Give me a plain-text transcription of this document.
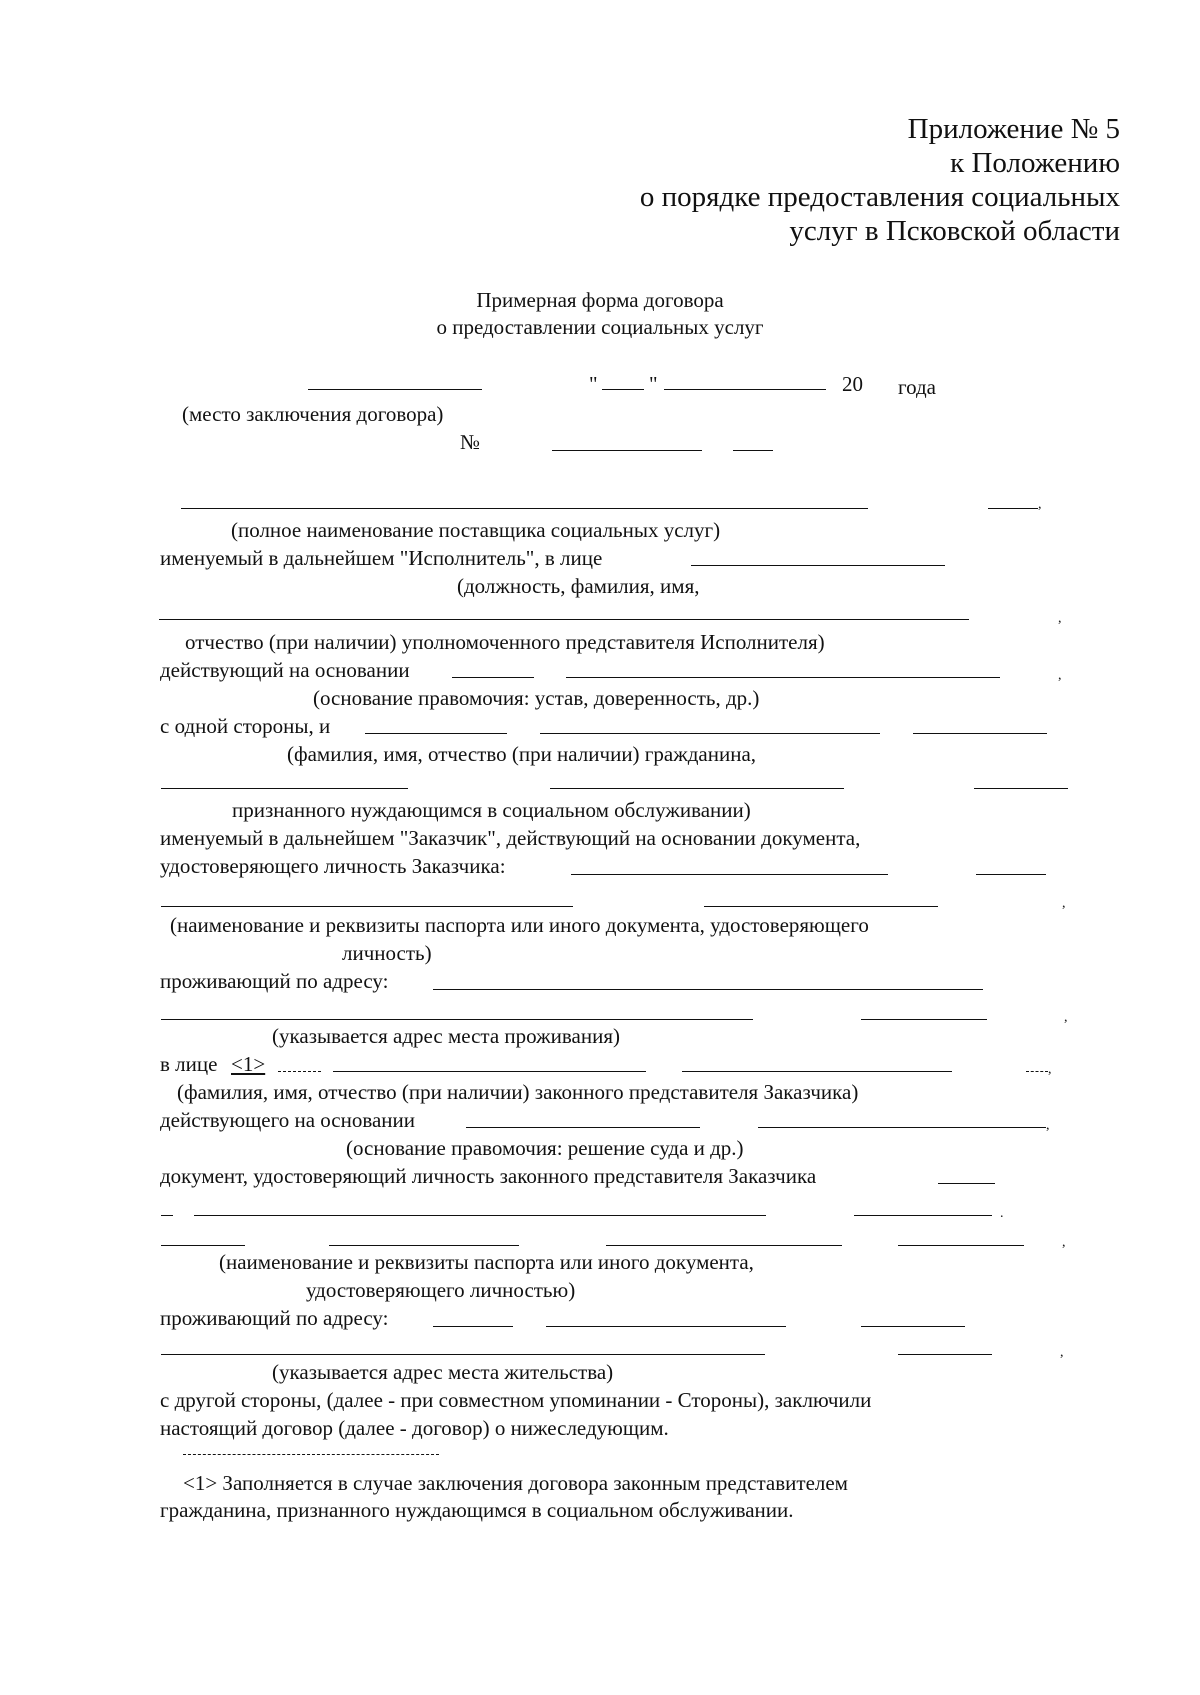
Приложение № 5
к Положению
о порядке предоставления социальных
услуг в Псковской области
Примерная форма договора
о предоставлении социальных услуг
" "	20 года
(место заключения договора)
№
,
(полное наименование поставщика социальных услуг)
именуемый в дальнейшем "Исполнитель", в лице
(должность, фамилия, имя,
,
отчество (при наличии) уполномоченного представителя Исполнителя)
действующий на основании	,
(основание правомочия: устав, доверенность, др.)
с одной стороны, и
(фамилия, имя, отчество (при наличии) гражданина,
признанного нуждающимся в социальном обслуживании)
именуемый в дальнейшем "Заказчик", действующий на основании документа,
удостоверяющего личность Заказчика:
,
(наименование и реквизиты паспорта или иного документа, удостоверяющего
личность)
проживающий по адресу:
,
(указывается адрес места проживания)
в лице <1>	,
(фамилия, имя, отчество (при наличии) законного представителя Заказчика)
действующего на основании	,
(основание правомочия: решение суда и др.)
документ, удостоверяющий личность законного представителя Заказчика
.
,
(наименование и реквизиты паспорта или иного документа,
удостоверяющего личностью)
проживающий по адресу:
,
(указывается адрес места жительства)
с другой стороны, (далее - при совместном упоминании - Стороны), заключили
настоящий договор (далее - договор) о нижеследующим.
<1> Заполняется в случае заключения договора законным представителем
гражданина, признанного нуждающимся в социальном обслуживании.
